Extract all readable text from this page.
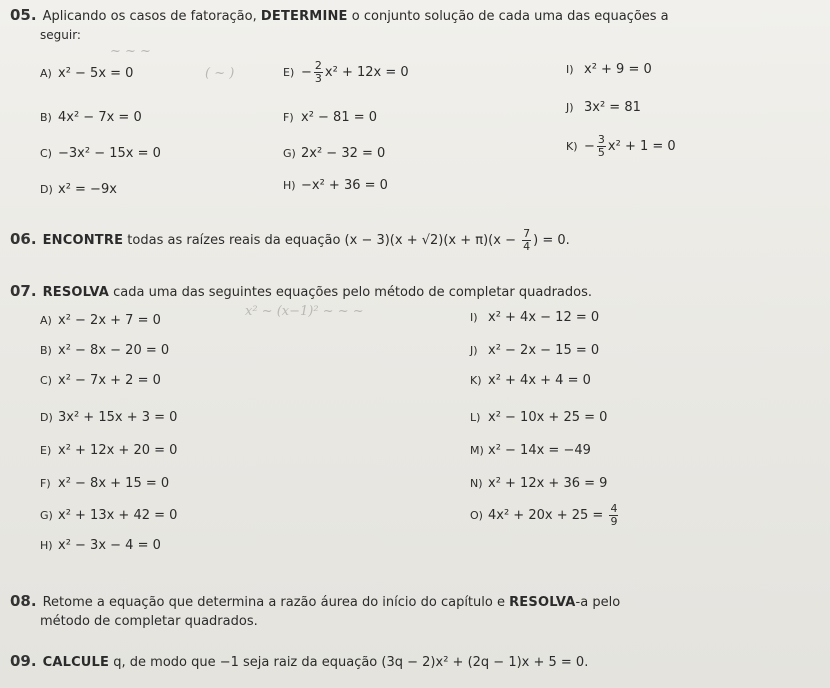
05. Aplicando os casos de fatoração, DETERMINE o conjunto solução de cada uma das equações a
seguir:
A) x² − 5x = 0
B) 4x² − 7x = 0
C) −3x² − 15x = 0
D) x² = −9x
$E) - \frac{2}{3} x^2 + 12x = 0$
F) x² − 81 = 0
G) 2x² − 32 = 0
H) −x² + 36 = 0
I) x² + 9 = 0
J) 3x² = 81
$K) - \frac{3}{5} x^2 + 1 = 0$
~ ~ ~
( ~ )
06. ENCONTRE todas as raízes reais da equação $(x - 3)(x + √2)(x + \pi)(x - \frac{7}{4}$ ) = 0.
07. RESOLVA cada uma das seguintes equações pelo método de completar quadrados.
A) x² − 2x + 7 = 0
B) x² − 8x − 20 = 0
C) x² − 7x + 2 = 0
D) 3x² + 15x + 3 = 0
E) x² + 12x + 20 = 0
F) x² − 8x + 15 = 0
G) x² + 13x + 42 = 0
H) x² − 3x − 4 = 0
I) x² + 4x − 12 = 0
J) x² − 2x − 15 = 0
K) x² + 4x + 4 = 0
L) x² − 10x + 25 = 0
M) x² − 14x = −49
N) x² + 12x + 36 = 9
O) $4x^2 + 20x + 25 = \frac{4}{9}$
x² ~ (x−1)² ~ ~ ~
08. Retome a equação que determina a razão áurea do início do capítulo e RESOLVA-a pelo
método de completar quadrados.
09. CALCULE q, de modo que −1 seja raiz da equação (3q − 2)x² + (2q − 1)x + 5 = 0.
